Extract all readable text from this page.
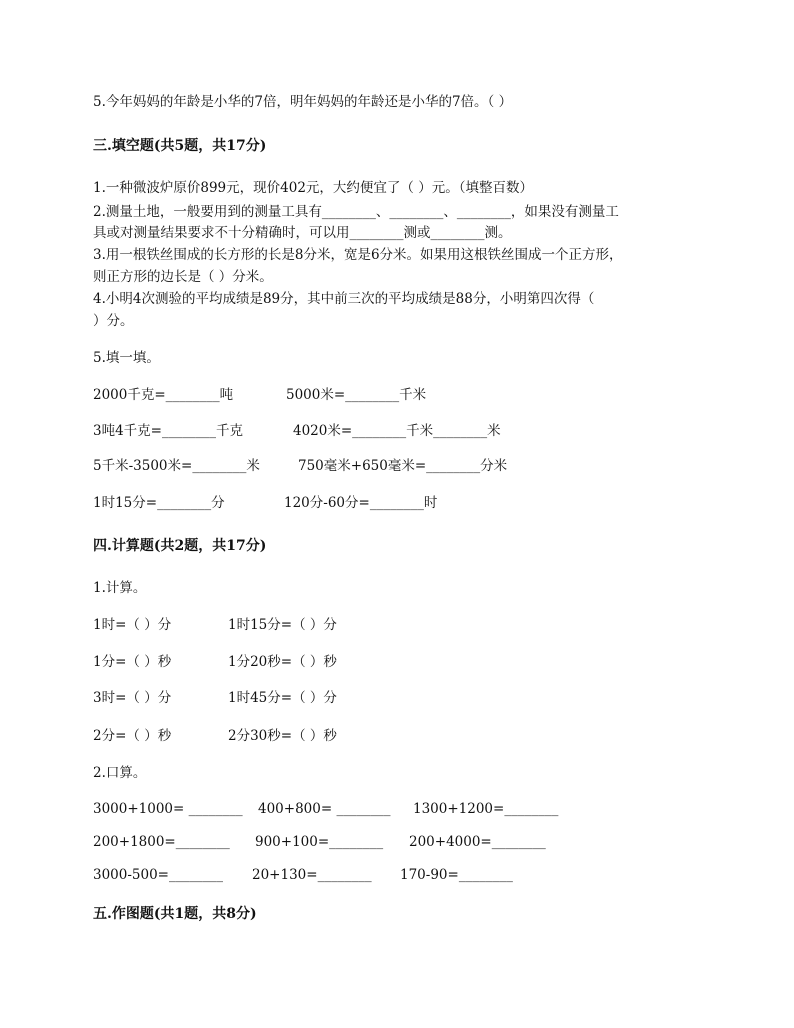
5.今年妈妈的年龄是小华的7倍，明年妈妈的年龄还是小华的7倍。（ ）
三.填空题(共5题，共17分)
1.一种微波炉原价899元，现价402元，大约便宜了（ ）元。（填整百数）
2.测量土地，一般要用到的测量工具有________、________、________，如果没有测量工
具或对测量结果要求不十分精确时，可以用________测或________测。
3.用一根铁丝围成的长方形的长是8分米，宽是6分米。如果用这根铁丝围成一个正方形，
则正方形的边长是（ ）分米。
4.小明4次测验的平均成绩是89分，其中前三次的平均成绩是88分，小明第四次得（
）分。
5.填一填。
2000千克=________吨	5000米=________千米
3吨4千克=________千克	4020米=________千米________米
5千米-3500米=________米	750毫米+650毫米=________分米
1时15分=________分	120分-60分=________时
四.计算题(共2题，共17分)
1.计算。
1时=（ ）分	1时15分=（ ）分
1分=（ ）秒	1分20秒=（ ）秒
3时=（ ）分	1时45分=（ ）分
2分=（ ）秒	2分30秒=（ ）秒
2.口算。
3000+1000= ________ 400+800= ________ 1300+1200=________
200+1800=________ 900+100=________ 200+4000=________
3000-500=________ 20+130=________ 170-90=________
五.作图题(共1题，共8分)
